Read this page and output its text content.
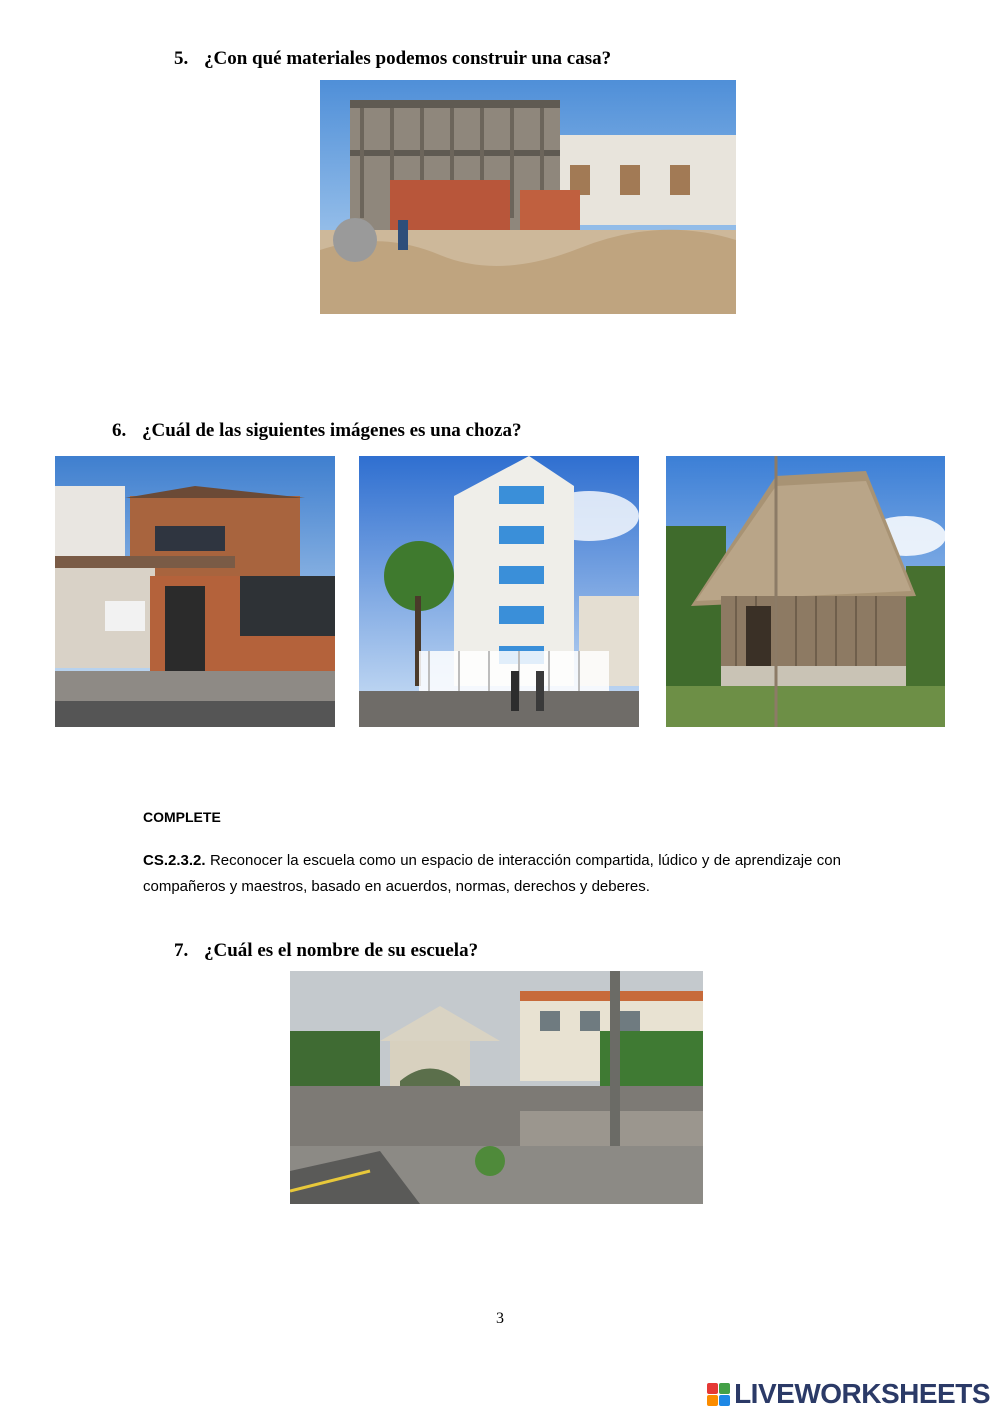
5. ¿Con qué materiales podemos construir una casa?
6. ¿Cuál de las siguientes imágenes es una choza?
COMPLETE
CS.2.3.2. Reconocer la escuela como un espacio de interacción compartida, lúdico y de aprendizaje con compañeros y maestros, basado en acuerdos, normas, derechos y deberes.
7. ¿Cuál es el nombre de su escuela?
3
LIVEWORKSHEETS
